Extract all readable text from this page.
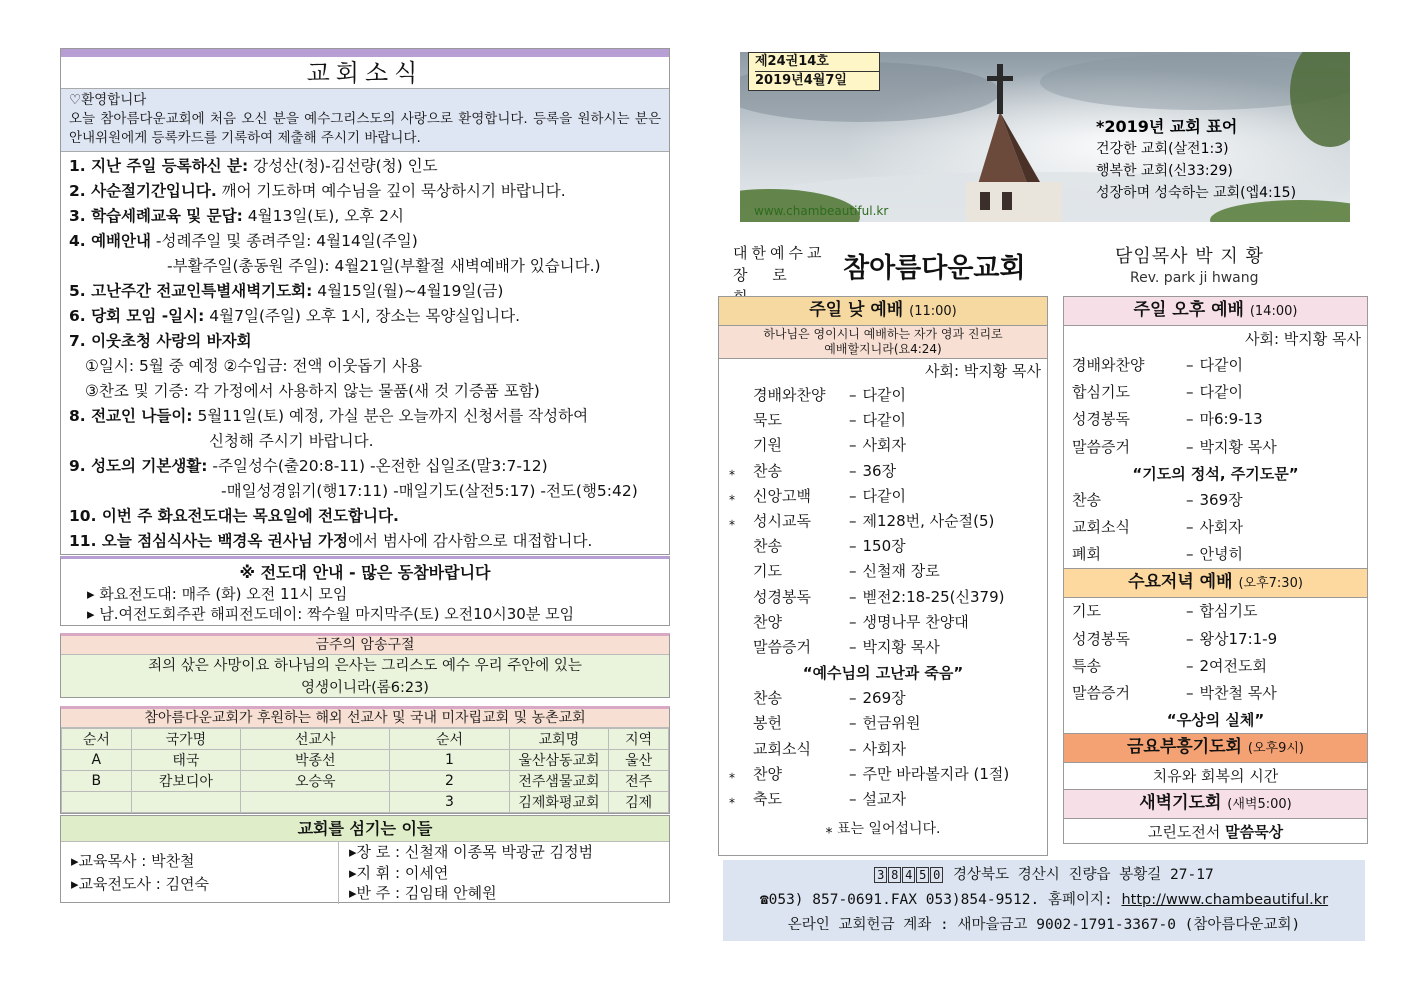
교회소식
♡환영합니다
오늘 참아름다운교회에 처음 오신 분을 예수그리스도의 사랑으로 환영합니다. 등록을 원하시는 분은 안내위원에게 등록카드를 기록하여 제출해 주시기 바랍니다.
1. 지난 주일 등록하신 분: 강성산(청)-김선량(청) 인도
2. 사순절기간입니다. 깨어 기도하며 예수님을 깊이 묵상하시기 바랍니다.
3. 학습세례교육 및 문답: 4월13일(토), 오후 2시
4. 예배안내 -성례주일 및 종려주일: 4월14일(주일)
-부활주일(총동원 주일): 4월21일(부활절 새벽예배가 있습니다.)
5. 고난주간 전교인특별새벽기도회: 4월15일(월)~4월19일(금)
6. 당회 모임 -일시: 4월7일(주일) 오후 1시, 장소는 목양실입니다.
7. 이웃초청 사랑의 바자회
①일시: 5월 중 예정 ②수입금: 전액 이웃돕기 사용
③찬조 및 기증: 각 가정에서 사용하지 않는 물품(새 것 기증품 포함)
8. 전교인 나들이: 5월11일(토) 예정, 가실 분은 오늘까지 신청서를 작성하여
신청해 주시기 바랍니다.
9. 성도의 기본생활: -주일성수(출20:8-11) -온전한 십일조(말3:7-12)
-매일성경읽기(행17:11) -매일기도(살전5:17) -전도(행5:42)
10. 이번 주 화요전도대는 목요일에 전도합니다.
11. 오늘 점심식사는 백경옥 권사님 가정에서 범사에 감사함으로 대접합니다.
※ 전도대 안내 - 많은 동참바랍니다
▸ 화요전도대: 매주 (화) 오전 11시 모임
▸ 남.여전도회주관 해피전도데이: 짝수월 마지막주(토) 오전10시30분 모임
금주의 암송구절
죄의 삯은 사망이요 하나님의 은사는 그리스도 예수 우리 주안에 있는
영생이니라(롬6:23)
참아름다운교회가 후원하는 해외 선교사 및 국내 미자립교회 및 농촌교회
순서	국가명	선교사	순서	교회명	지역
A	태국	박종선	1	울산삼동교회	울산
B	캄보디아	오승욱	2	전주샘물교회	전주
			3	김제화평교회	김제
교회를 섬기는 이들
▸교육목사 : 박찬철
▸교육전도사 : 김연숙
▸장 로 : 신철재 이종목 박광균 김정범
▸지 휘 : 이세연
▸반 주 : 김임태 안혜원
제24권14호
2019년4월7일
*2019년 교회 표어
건강한 교회(살전1:3)
행복한 교회(신33:29)
성장하며 성숙하는 교회(엡4:15)
www.chambeautiful.kr
대한예수교
장 로	참아름다운교회	담임목사 박 지 황
Rev. park ji hwang
주일 낮 예배 (11:00)
하나님은 영이시니 예배하는 자가 영과 진리로
예배할지니라(요4:24)
사회: 박지황 목사
경배와찬양 – 다같이
묵도	– 다같이
기원	– 사회자
⁎ 찬송	– 36장
⁎ 신앙고백	– 다같이
⁎ 성시교독	– 제128번, 사순절(5)
찬송	– 150장
기도	– 신철재 장로
성경봉독	– 벧전2:18-25(신379)
찬양	– 생명나무 찬양대
말씀증거	– 박지황 목사
“예수님의 고난과 죽음”
찬송	– 269장
봉헌	– 헌금위원
교회소식	– 사회자
⁎ 찬양	– 주만 바라볼지라 (1절)
⁎ 축도	– 설교자
⁎ 표는 일어섭니다.
주일 오후 예배 (14:00)
사회: 박지황 목사
경배와찬양	– 다같이
합심기도	– 다같이
성경봉독	– 마6:9-13
말씀증거	– 박지황 목사
“기도의 정석, 주기도문”
찬송	– 369장
교회소식	– 사회자
폐회	– 안녕히
수요저녁 예배 (오후7:30)
기도	– 합심기도
성경봉독	– 왕상17:1-9
특송	– 2여전도회
말씀증거	– 박찬철 목사
“우상의 실체”
금요부흥기도회 (오후9시)
치유와 회복의 시간
새벽기도회 (새벽5:00)
고린도전서 말씀묵상
3 8 4 5 0 경상북도 경산시 진량읍 봉황길 27-17
☎053) 857-0691.FAX 053)854-9512. 홈페이지: http://www.chambeautiful.kr
온라인 교회헌금 계좌 : 새마을금고 9002-1791-3367-0 (참아름다운교회)
